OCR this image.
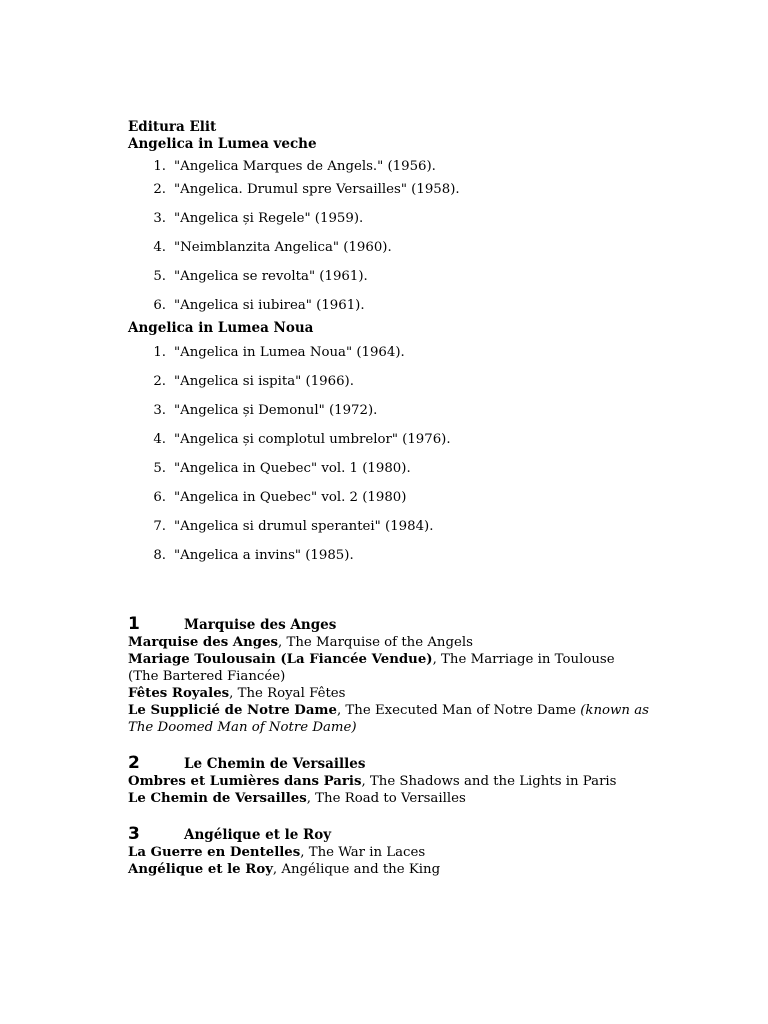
Editura Elit
Angelica in Lumea veche
1. "Angelica Marques de Angels." (1956).
2. "Angelica. Drumul spre Versailles" (1958).
3. "Angelica și Regele" (1959).
4. "Neimblanzita Angelica" (1960).
5. "Angelica se revolta" (1961).
6. "Angelica si iubirea" (1961).
Angelica in Lumea Noua
1. "Angelica in Lumea Noua" (1964).
2. "Angelica si ispita" (1966).
3. "Angelica și Demonul" (1972).
4. "Angelica și complotul umbrelor" (1976).
5. "Angelica in Quebec" vol. 1 (1980).
6. "Angelica in Quebec" vol. 2 (1980)
7. "Angelica si drumul sperantei" (1984).
8. "Angelica a invins" (1985).
1	Marquise des Anges
Marquise des Anges, The Marquise of the Angels
Mariage Toulousain (La Fiancée Vendue), The Marriage in Toulouse
(The Bartered Fiancée)
Fêtes Royales, The Royal Fêtes
Le Supplicié de Notre Dame, The Executed Man of Notre Dame (known as
The Doomed Man of Notre Dame)
2	Le Chemin de Versailles
Ombres et Lumières dans Paris, The Shadows and the Lights in Paris
Le Chemin de Versailles, The Road to Versailles
3	Angélique et le Roy
La Guerre en Dentelles, The War in Laces
Angélique et le Roy, Angélique and the King
